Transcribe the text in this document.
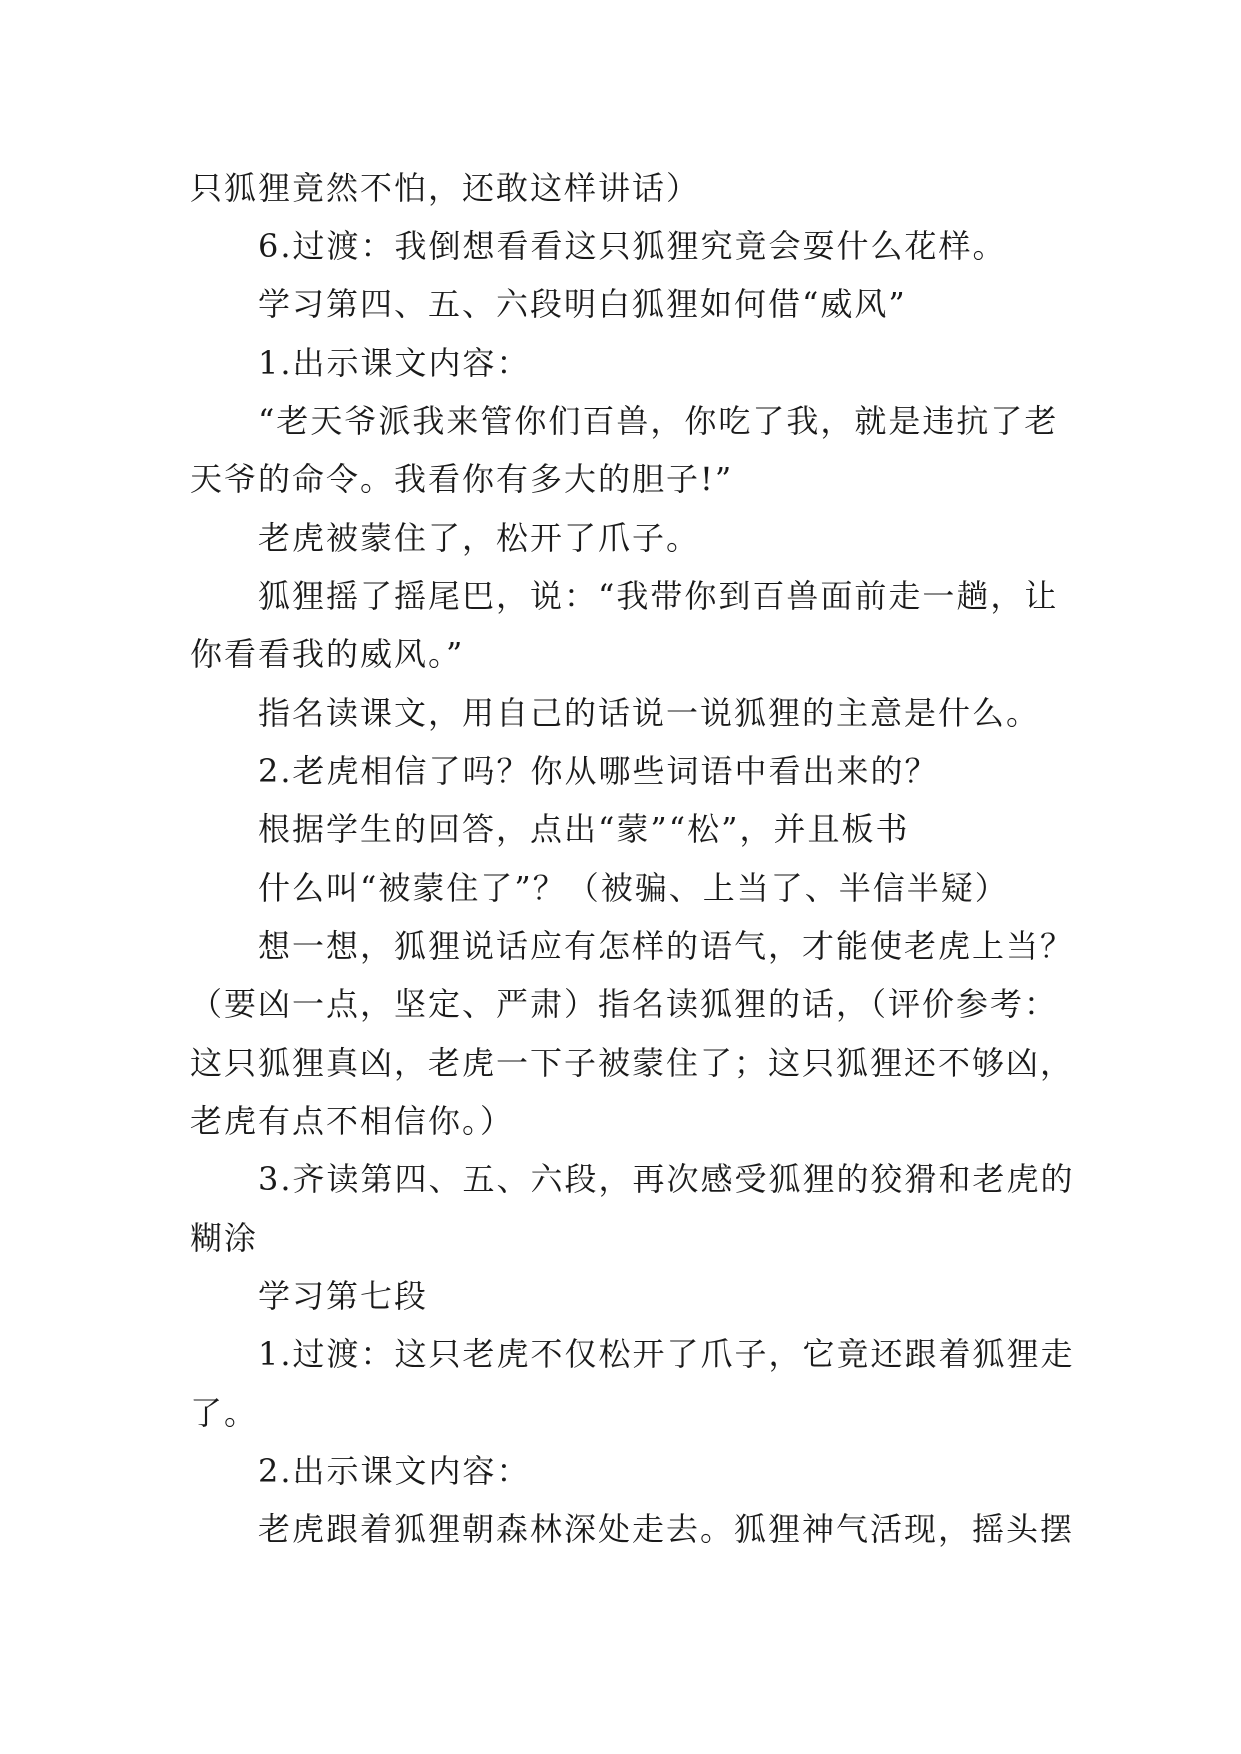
只狐狸竟然不怕，还敢这样讲话）

6.过渡：我倒想看看这只狐狸究竟会耍什么花样。

学习第四、五、六段明白狐狸如何借“威风”

1.出示课文内容：

“老天爷派我来管你们百兽，你吃了我，就是违抗了老

天爷的命令。我看你有多大的胆子!”

老虎被蒙住了，松开了爪子。

狐狸摇了摇尾巴，说：“我带你到百兽面前走一趟，让

你看看我的威风。”

指名读课文，用自己的话说一说狐狸的主意是什么。

2.老虎相信了吗？你从哪些词语中看出来的？

根据学生的回答，点出“蒙”“松”，并且板书

什么叫“被蒙住了”？（被骗、上当了、半信半疑）

想一想，狐狸说话应有怎样的语气，才能使老虎上当？

（要凶一点，坚定、严肃）指名读狐狸的话，（评价参考：

这只狐狸真凶，老虎一下子被蒙住了；这只狐狸还不够凶，

老虎有点不相信你。）

3.齐读第四、五、六段，再次感受狐狸的狡猾和老虎的

糊涂

学习第七段

1.过渡：这只老虎不仅松开了爪子，它竟还跟着狐狸走

了。

2.出示课文内容：

老虎跟着狐狸朝森林深处走去。狐狸神气活现，摇头摆
